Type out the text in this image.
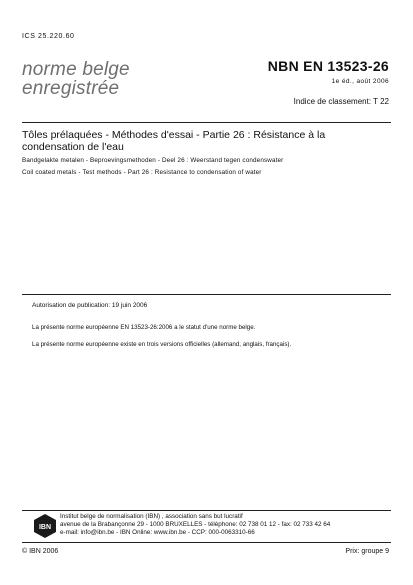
ICS 25.220.60
norme belge
enregistrée
NBN EN 13523-26
1e éd., août 2006
Indice de classement: T 22
Tôles prélaquées - Méthodes d'essai - Partie 26 : Résistance à la condensation de l'eau
Bandgelakte metalen - Beproevingsmethoden - Deel 26 : Weerstand tegen condenswater
Coil coated metals - Test methods - Part 26 : Resistance to condensation of water
Autorisation de publication: 19 juin 2006
La présente norme européenne EN 13523-26:2006 a le statut d'une norme belge.
La présente norme européenne existe en trois versions officielles (allemand, anglais, français).
IBN
Institut belge de normalisation (IBN) , association sans but lucratif
avenue de la Brabançonne 29 - 1000 BRUXELLES - téléphone: 02 738 01 12 - fax: 02 733 42 64
e-mail: info@ibn.be - IBN Online: www.ibn.be - CCP: 000-0063310-66
© IBN 2006	Prix: groupe 9
